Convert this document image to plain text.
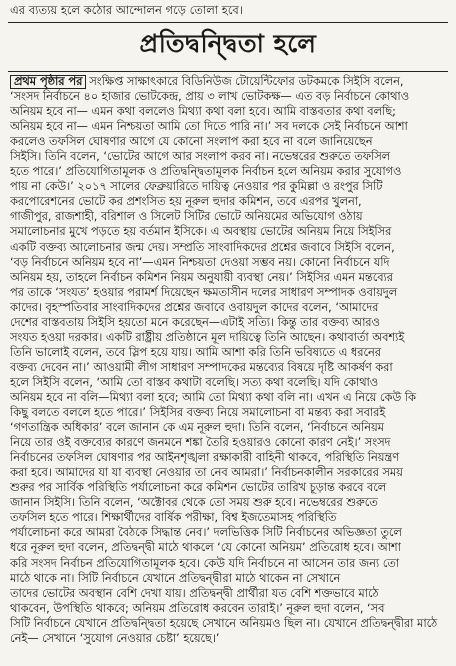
এর ব্যত্যয় হলে কঠোর আন্দোলন গড়ে তোলা হবে।
প্রতিদ্বন্দ্বিতা হলে
প্রথম পৃষ্ঠার পর সংক্ষিপ্ত সাক্ষাৎকারে বিডিনিউজ টোয়েন্টিফোর ডটকমকে সিইসি বলেন,
‘সংসদ নির্বাচনে ৪০ হাজার ভোটকেন্দ্র, প্রায় ৩ লাখ ভোটকক্ষ— এত বড় নির্বাচনে কোথাও
অনিয়ম হবে না— এমন কথা বললেও মিথ্যা কথা বলা হবে। আমি বাস্তবতার কথা বলছি;
অনিয়ম হবে না— এমন নিশ্চয়তা আমি তো দিতে পারি না।’ সব দলকে সেই নির্বাচনে আশা
করলেও তফসিল ঘোষণার আগে যে কোনো সংলাপ করা হবে না বলে জানিয়েছেন
সিইসি। তিনি বলেন, ‘ভোটের আগে আর সংলাপ করব না। নভেম্বরের শুরুতে তফসিল
হতে পারে।’ প্রতিযোগিতামূলক ও প্রতিদ্বন্দ্বিতামূলক নির্বাচন হলে অনিয়ম করার সুযোগও
পায় না কেউ।’ ২০১৭ সালের ফেব্রুয়ারিতে দায়িত্ব নেওয়ার পর কুমিল্লা ও রংপুর সিটি
করপোরেশনের ভোটে কর প্রশংসিত হয় নূরুল হুদার কমিশন, তবে এরপর খুলনা,
গাজীপুর, রাজশাহী, বরিশাল ও সিলেট সিটির ভোটে অনিয়মের অভিযোগ ওঠায়
সমালোচনার মুখে পড়তে হয় বর্তমান ইসিকে। এ অবস্থায় ভোটের অনিয়ম নিয়ে সিইসির
একটি বক্তব্য আলোচনার জন্ম দেয়। সম্প্রতি সাংবাদিকদের প্রশ্নের জবাবে সিইসি বলেন,
‘বড় নির্বাচনে অনিয়ম হবে না’—এমন নিশ্চয়তা দেওয়া সম্ভব নয়। কোনো নির্বাচনে যদি
অনিয়ম হয়, তাহলে নির্বাচন কমিশন নিয়ম অনুযায়ী ব্যবস্থা নেয়।’ সিইসির এমন মন্তব্যের
পর তাকে ‘সংযত’ হওয়ার পরামর্শ দিয়েছেন ক্ষমতাসীন দলের সাধারণ সম্পাদক ওবায়দুল
কাদের। বৃহস্পতিবার সাংবাদিকদের প্রশ্নের জবাবে ওবায়দুল কাদের বলেন, ‘আমাদের
দেশের বাস্তবতায় সিইসি হয়তো মনে করেছেন—এটাই সত্যি। কিন্তু তার বক্তব্য আরও
সংযত হওয়া দরকার। একটি রাষ্ট্রীয় প্রতিষ্ঠানে মূল দায়িত্বে তিনি আছেন। কথাবার্তা অবশ্যই
তিনি ভালোই বলেন, তবে স্লিপ হয়ে যায়। আমি আশা করি তিনি ভবিষ্যতে এ ধরনের
বক্তব্য দেবেন না।’ আওয়ামী লীগ সাধারণ সম্পাদকের মন্তব্যের বিষয়ে দৃষ্টি আকর্ষণ করা
হলে সিইসি বলেন, ‘আমি তো বাস্তব কথাটা বলেছি। সত্য কথা বলেছি। যদি কোথাও
অনিয়ম হবে না বলি—মিথ্যা বলা হবে; আমি তো মিথ্যা কথা বলি না। এখন এ নিয়ে কেউ কি
কিছু বলতে বললে হতে পারে।’ সিইসির বক্তব্য নিয়ে সমালোচনা বা মন্তব্য করা সবারই
‘গণতান্ত্রিক অধিকার’ বলে জানান কে এম নূরুল হুদা। তিনি বলেন, ‘নির্বাচনে অনিয়ম
নিয়ে তার ওই বক্তব্যের কারণে জনমনে শঙ্কা তৈরি হওয়ারও কোনো কারণ নেই।’ সংসদ
নির্বাচনের তফসিল ঘোষণার পর আইনশৃঙ্খলা রক্ষাকারী বাহিনী থাকবে, পরিস্থিতি নিয়ন্ত্রণ
করা হবে। আমাদের যা যা ব্যবস্থা নেওয়ার তা নেব আমরা।’ নির্বাচনকালীন সরকারের সময়
শুরুর পর সার্বিক পরিস্থিতি পর্যালোচনা করে কমিশন ভোটের তারিখ চূড়ান্ত করবে বলে
জানান সিইসি। তিনি বলেন, ‘অক্টোবর থেকে তো সময় শুরু হবে। নভেম্বরের শুরুতে
তফসিল হতে পারে। শিক্ষার্থীদের বার্ষিক পরীক্ষা, বিশ্ব ইজতেমাসহ পরিস্থিতি
পর্যালোচনা করে আমরা বৈঠকে সিদ্ধান্ত নেব।’ দলভিত্তিক সিটি নির্বাচনের অভিজ্ঞতা তুলে
ধরে নূরুল হুদা বলেন, প্রতিদ্বন্দ্বী মাঠে থাকলে ‘যে কোনো অনিয়ম’ প্রতিরোধ হবে। আশা
করি সংসদ নির্বাচন প্রতিযোগিতামূলক হবে। কেউ যদি নির্বাচনে না আসেন তার জন্য তো
মাঠে থাকে না। সিটি নির্বাচনে যেখানে প্রতিদ্বন্দ্বীরা মাঠে থাকেন না সেখানে
তাদের ভোটের অবস্থান বেশি দেখা যায়। প্রতিদ্বন্দ্বী প্রার্থীরা যত বেশি শক্তভাবে মাঠে
থাকবেন, উপস্থিতি থাকবে; অনিয়ম প্রতিরোধ করবেন তারাই।’ নূরুল হুদা বলেন, ‘সব
সিটি নির্বাচনে যেখানে প্রতিদ্বন্দ্বিতা হয়েছে সেখানে অনিয়মও ছিল না। যেখানে প্রতিদ্বন্দ্বীরা মাঠে
নেই— সেখানে ‘সুযোগ নেওয়ার চেষ্টা’ হয়েছে।’
